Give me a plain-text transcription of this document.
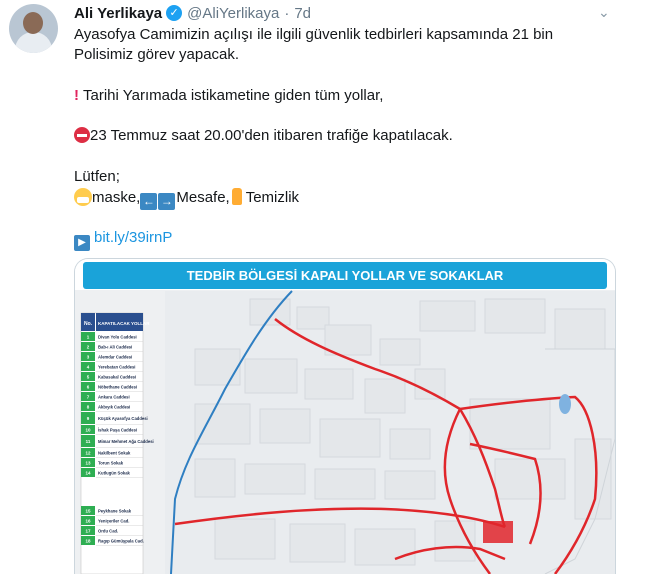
Ali Yerlikaya ✓ @AliYerlikaya · 7d	⌄
Ayasofya Camimizin açılışı ile ilgili güvenlik tedbirleri kapsamında 21 bin
Polisimiz görev yapacak.
! Tarihi Yarımada istikametine giden tüm yollar,
23 Temmuz saat 20.00'den itibaren trafiğe kapatılacak.
Lütfen;
maske, ← → Mesafe, Temizlik
▶ bit.ly/39irnP
TEDBİR BÖLGESİ KAPALI YOLLAR VE SOKAKLAR
No. KAPATILACAK YOLLAR
1 Divan Yolu Caddesi
2 Bab-ı Ali Caddesi
3 Alemdar Caddesi
4 Yerebatan Caddesi
5 Kabasakal Caddesi
6 Nöbethane Caddesi
7 Ankara Caddesi
8 Akbıyık Caddesi
9 Küçük Ayasofya Caddesi
10 İshak Paşa Caddesi
11 Mimar Mehmet Ağa Caddesi
12 Nakilbent Sokak
13 Torun Sokak
14 Kutlugün Sokak
15 Peykhane Sokak
16 Yeniçeriler Cad.
17 Ordu Cad.
18 Ragıp Gümüşpala Cad.
